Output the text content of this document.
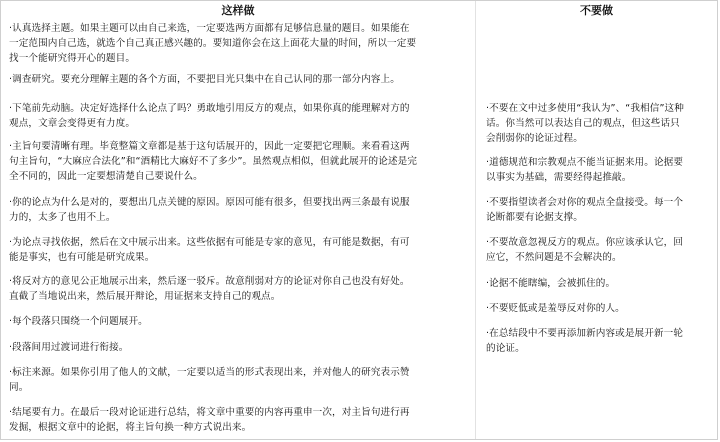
这样做
·认真选择主题。如果主题可以由自己来选，一定要选两方面都有足够信息量的题目。如果能在
一定范围内自己选，就选个自己真正感兴趣的。要知道你会在这上面花大量的时间，所以一定要
找一个能研究得开心的题目。
·调查研究。要充分理解主题的各个方面，不要把目光只集中在自己认同的那一部分内容上。
·下笔前先动脑。决定好选择什么论点了吗？勇敢地引用反方的观点，如果你真的能理解对方的
观点，文章会变得更有力度。
·主旨句要清晰有理。毕竟整篇文章都是基于这句话展开的，因此一定要把它理顺。来看看这两
句主旨句，“大麻应合法化”和“酒精比大麻好不了多少”。虽然观点相似，但就此展开的论述是完
全不同的，因此一定要想清楚自己要说什么。
·你的论点为什么是对的，要想出几点关键的原因。原因可能有很多，但要找出两三条最有说服
力的，太多了也用不上。
·为论点寻找依据，然后在文中展示出来。这些依据有可能是专家的意见，有可能是数据，有可
能是事实，也有可能是研究成果。
·将反对方的意见公正地展示出来，然后逐一驳斥。故意削弱对方的论证对你自己也没有好处。
直截了当地说出来，然后展开辩论，用证据来支持自己的观点。
·每个段落只围绕一个问题展开。
·段落间用过渡词进行衔接。
·标注来源。如果你引用了他人的文献，一定要以适当的形式表现出来，并对他人的研究表示赞
同。
·结尾要有力。在最后一段对论证进行总结，将文章中重要的内容再重申一次，对主旨句进行再
发掘，根据文章中的论据，将主旨句换一种方式说出来。
不要做
·不要在文中过多使用“我认为”、“我相信”这种
话。你当然可以表达自己的观点，但这些话只
会削弱你的论证过程。
·道德规范和宗教观点不能当证据来用。论据要
以事实为基础，需要经得起推敲。
·不要指望读者会对你的观点全盘接受。每一个
论断都要有论据支撑。
·不要故意忽视反方的观点。你应该承认它，回
应它，不然问题是不会解决的。
·论据不能瞎编，会被抓住的。
·不要贬低或是羞辱反对你的人。
·在总结段中不要再添加新内容或是展开新一轮
的论证。
